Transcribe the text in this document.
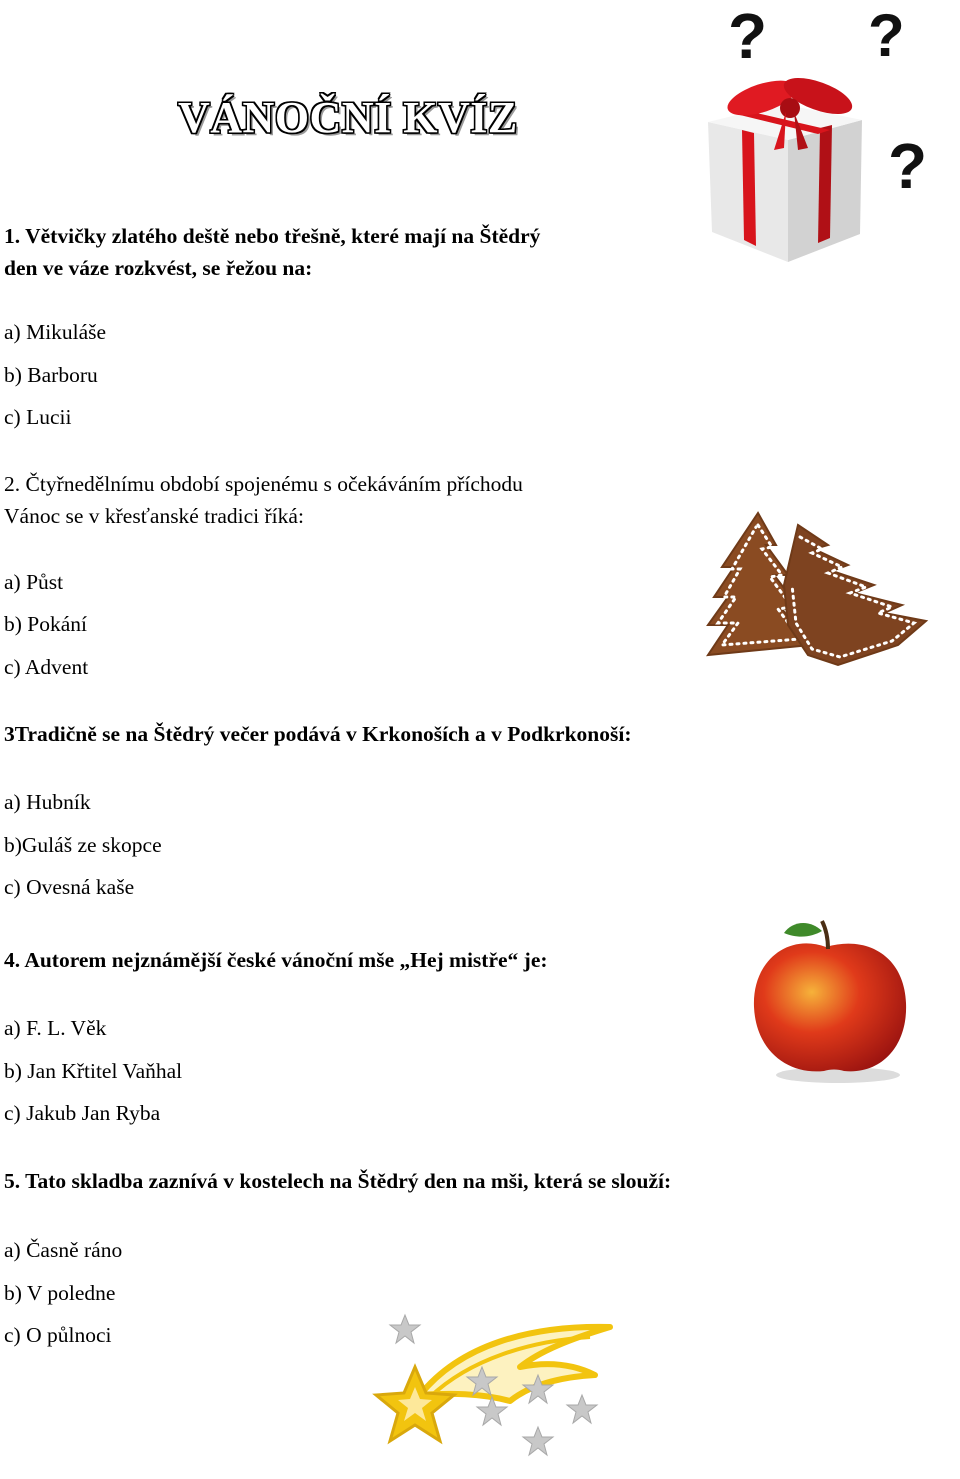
VÁNOČNÍ KVÍZ
1. Větvičky zlatého deště nebo třešně, které mají na Štědrý
den ve váze rozkvést, se řežou na:
a) Mikuláše
b) Barboru
c) Lucii
2. Čtyřnedělnímu období spojenému s očekáváním příchodu
Vánoc se v křesťanské tradici říká:
a) Půst
b) Pokání
c) Advent
3Tradičně se na Štědrý večer podává v Krkonoších a v Podkrkonoší:
a) Hubník
b)Guláš ze skopce
c) Ovesná kaše
4. Autorem nejznámější české vánoční mše „Hej mistře“ je:
a) F. L. Věk
b) Jan Křtitel Vaňhal
c) Jakub Jan Ryba
5. Tato skladba zaznívá v kostelech na Štědrý den na mši, která se slouží:
a) Časně ráno
b) V poledne
c) O půlnoci
? ?
?
